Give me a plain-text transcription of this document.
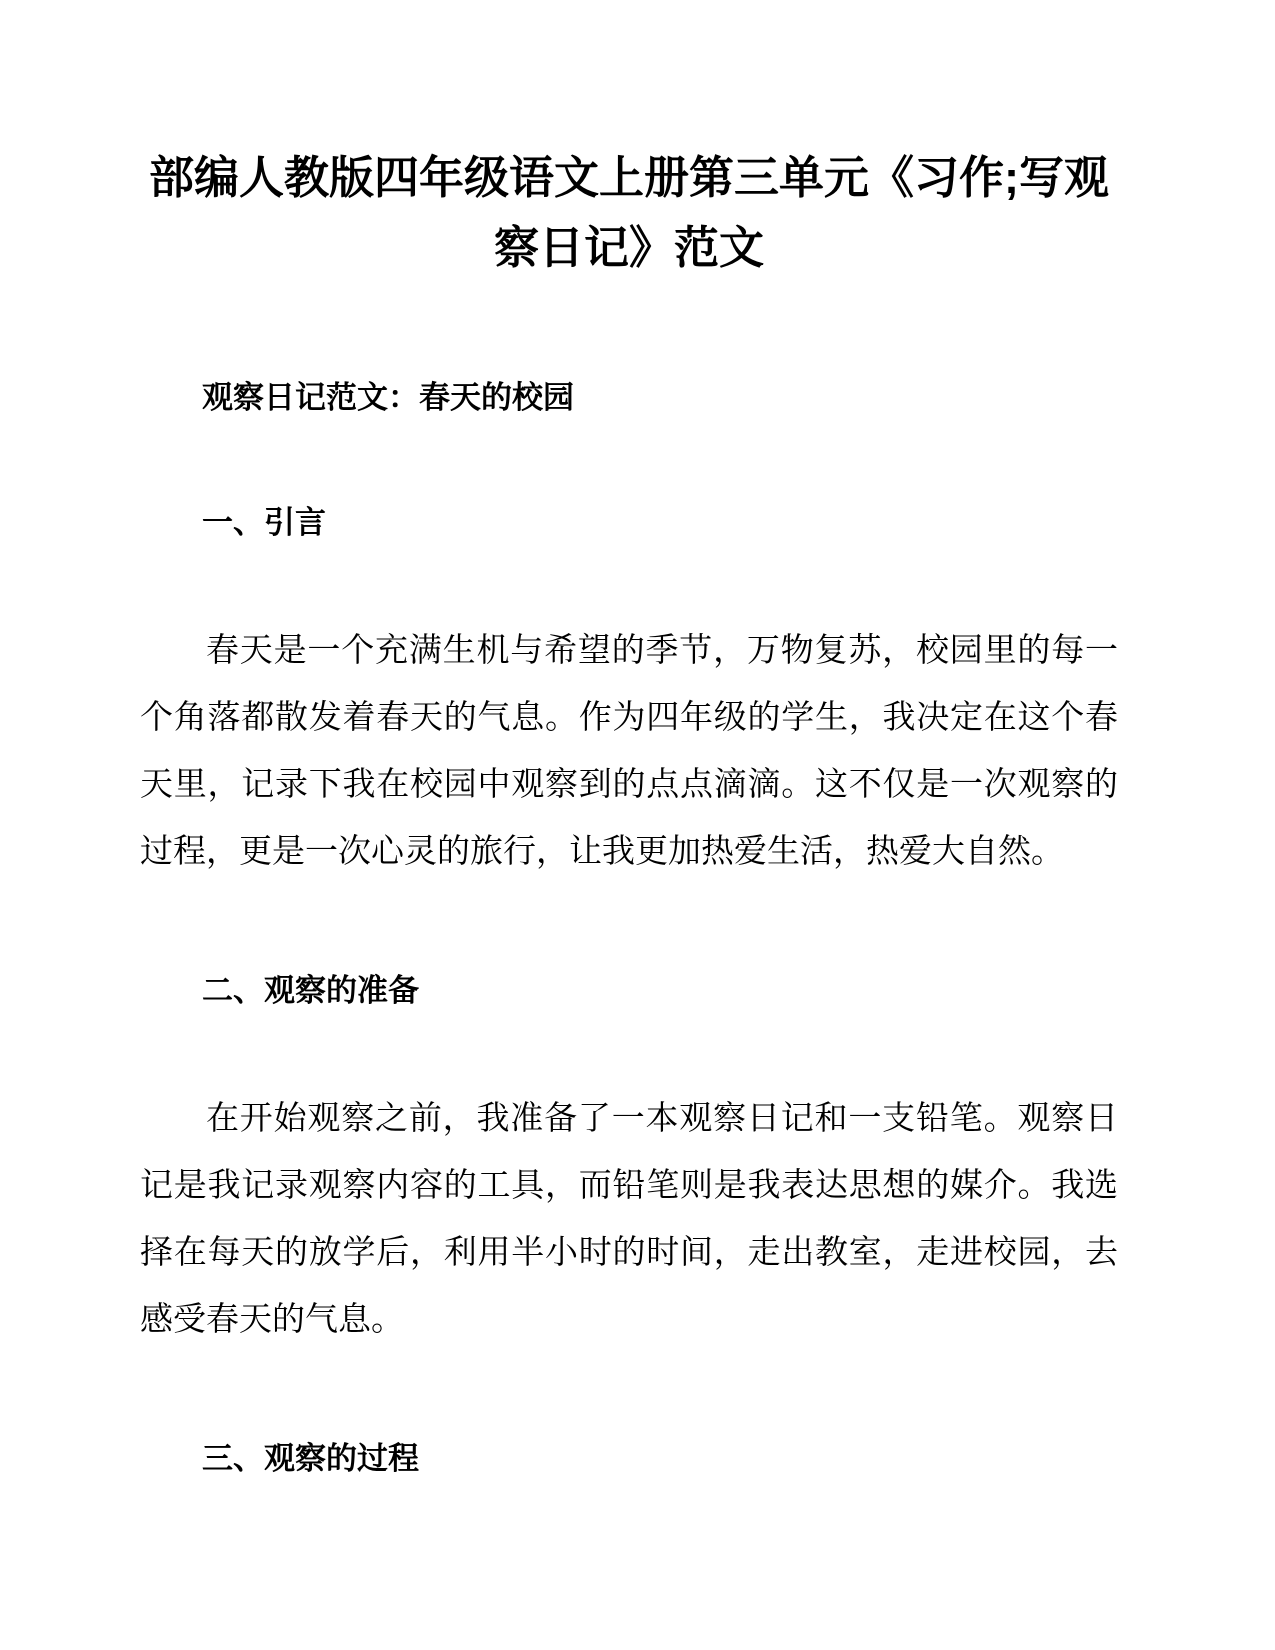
部编人教版四年级语文上册第三单元《习作;写观察日记》范文
观察日记范文：春天的校园
一、引言

春天是一个充满生机与希望的季节，万物复苏，校园里的每一个角落都散发着春天的气息。作为四年级的学生，我决定在这个春天里，记录下我在校园中观察到的点点滴滴。这不仅是一次观察的过程，更是一次心灵的旅行，让我更加热爱生活，热爱大自然。

二、观察的准备

在开始观察之前，我准备了一本观察日记和一支铅笔。观察日记是我记录观察内容的工具，而铅笔则是我表达思想的媒介。我选择在每天的放学后，利用半小时的时间，走出教室，走进校园，去感受春天的气息。

三、观察的过程
